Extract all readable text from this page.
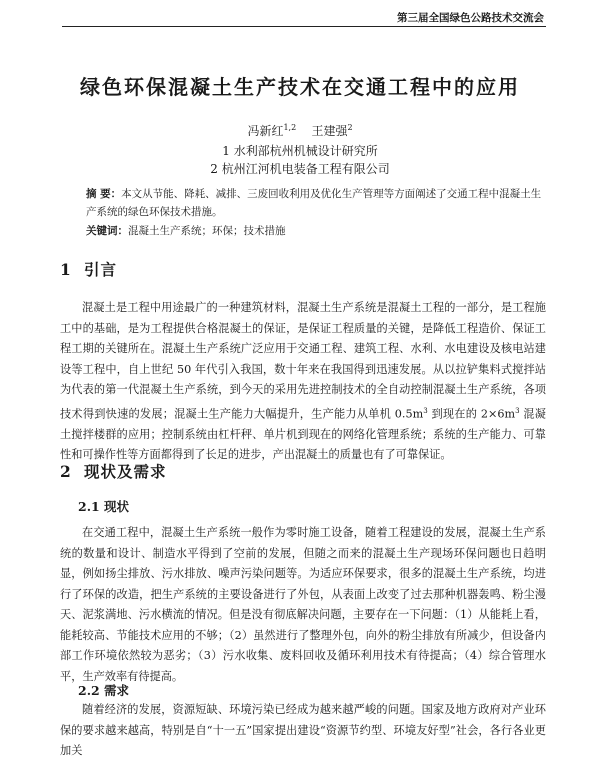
第三届全国绿色公路技术交流会
绿色环保混凝土生产技术在交通工程中的应用
冯新红$^{1,2}$ 王建强$^2$
1 水利部杭州机械设计研究所
2 杭州江河机电装备工程有限公司
摘 要：本文从节能、降耗、减排、三废回收利用及优化生产管理等方面阐述了交通工程中混凝土生产系统的绿色环保技术措施。
关键词：混凝土生产系统；环保；技术措施
1 引言
混凝土是工程中用途最广的一种建筑材料，混凝土生产系统是混凝土工程的一部分，是工程施工中的基础，是为工程提供合格混凝土的保证，是保证工程质量的关键，是降低工程造价、保证工程工期的关键所在。混凝土生产系统广泛应用于交通工程、建筑工程、水利、水电建设及核电站建设等工程中，自上世纪 50 年代引入我国，数十年来在我国得到迅速发展。从以拉铲集料式搅拌站为代表的第一代混凝土生产系统，到今天的采用先进控制技术的全自动控制混凝土生产系统，各项技术得到快速的发展；混凝土生产能力大幅提升，生产能力从单机 $0.5m^3$ 到现在的 $2\times 6m^3$ 混凝土搅拌楼群的应用；控制系统由杠杆秤、单片机到现在的网络化管理系统；系统的生产能力、可靠性和可操作性等方面都得到了长足的进步，产出混凝土的质量也有了可靠保证。
2 现状及需求
2.1 现状
在交通工程中，混凝土生产系统一般作为零时施工设备，随着工程建设的发展，混凝土生产系统的数量和设计、制造水平得到了空前的发展，但随之而来的混凝土生产现场环保问题也日趋明显，例如扬尘排放、污水排放、噪声污染问题等。为适应环保要求，很多的混凝土生产系统，均进行了环保的改造，把生产系统的主要设备进行了外包，从表面上改变了过去那种机器轰鸣、粉尘漫天、泥浆满地、污水横流的情况。但是没有彻底解决问题，主要存在一下问题：（1）从能耗上看，能耗较高、节能技术应用的不够；（2）虽然进行了整理外包，向外的粉尘排放有所减少，但设备内部工作环境依然较为恶劣；（3）污水收集、废料回收及循环利用技术有待提高；（4）综合管理水平，生产效率有待提高。
2.2 需求
随着经济的发展，资源短缺、环境污染已经成为越来越严峻的问题。国家及地方政府对产业环保的要求越来越高，特别是自“十一五”国家提出建设“资源节约型、环境友好型”社会，各行各业更加关
